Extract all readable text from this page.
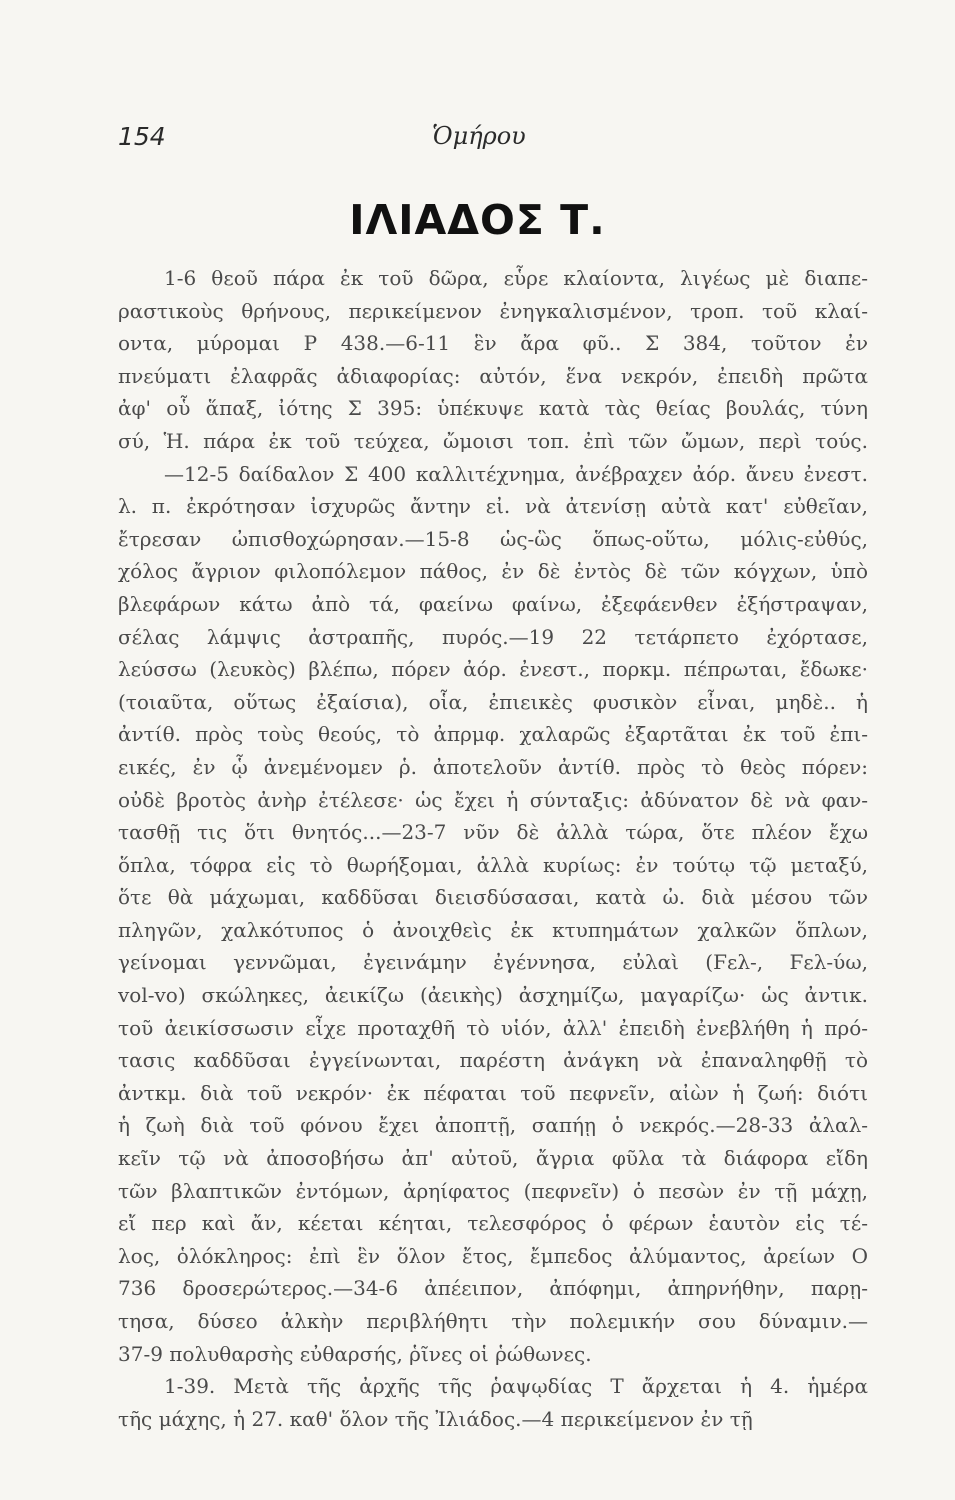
154	Ὁμήρου
ΙΛΙΑΔΟΣ Τ.
1-6 θεοῦ πάρα ἐκ τοῦ δῶρα, εὗρε κλαίοντα, λιγέως μὲ διαπε-
ραστικοὺς θρήνους, περικείμενον ἐνηγκαλισμένον, τροπ. τοῦ κλαί-
οντα, μύρομαι Ρ 438.—6-11 ἓν ἄρα φῦ.. Σ 384, τοῦτον ἐν
πνεύματι ἐλαφρᾶς ἀδιαφορίας: αὐτόν, ἕνα νεκρόν, ἐπειδὴ πρῶτα
ἀφ' οὗ ἅπαξ, ἰότης Σ 395: ὑπέκυψε κατὰ τὰς θείας βουλάς, τύνη
σύ, Ἡ. πάρα ἐκ τοῦ τεύχεα, ὤμοισι τοπ. ἐπὶ τῶν ὤμων, περὶ τούς.
—12-5 δαίδαλον Σ 400 καλλιτέχνημα, ἀνέβραχεν ἀόρ. ἄνευ ἐνεστ.
λ. π. ἐκρότησαν ἰσχυρῶς ἄντην εἰ. νὰ ἀτενίσῃ αὐτὰ κατ' εὐθεῖαν,
ἔτρεσαν ὠπισθοχώρησαν.—15-8 ὡς-ὣς ὅπως-οὕτω, μόλις-εὐθύς,
χόλος ἄγριον φιλοπόλεμον πάθος, ἐν δὲ ἐντὸς δὲ τῶν κόγχων, ὑπὸ
βλεφάρων κάτω ἀπὸ τά, φαείνω φαίνω, ἐξεφάενθεν ἐξήστραψαν,
σέλας λάμψις ἀστραπῆς, πυρός.—19 22 τετάρπετο ἐχόρτασε,
λεύσσω (λευκὸς) βλέπω, πόρεν ἀόρ. ἐνεστ., πορκμ. πέπρωται, ἔδωκε·
(τοιαῦτα, οὕτως ἐξαίσια), οἷα, ἐπιεικὲς φυσικὸν εἶναι, μηδὲ.. ἡ
ἀντίθ. πρὸς τοὺς θεούς, τὸ ἀπρμφ. χαλαρῶς ἐξαρτᾶται ἐκ τοῦ ἐπι-
εικές, ἐν ᾧ ἀνεμένομεν ῥ. ἀποτελοῦν ἀντίθ. πρὸς τὸ θεὸς πόρεν:
οὐδὲ βροτὸς ἀνὴρ ἐτέλεσε· ὡς ἔχει ἡ σύνταξις: ἀδύνατον δὲ νὰ φαν-
τασθῇ τις ὅτι θνητός...—23-7 νῦν δὲ ἀλλὰ τώρα, ὅτε πλέον ἔχω
ὅπλα, τόφρα εἰς τὸ θωρήξομαι, ἀλλὰ κυρίως: ἐν τούτῳ τῷ μεταξύ,
ὅτε θὰ μάχωμαι, καδδῦσαι διεισδύσασαι, κατὰ ὠ. διὰ μέσου τῶν
πληγῶν, χαλκότυπος ὁ ἀνοιχθεὶς ἐκ κτυπημάτων χαλκῶν ὅπλων,
γείνομαι γεννῶμαι, ἐγεινάμην ἐγέννησα, εὐλαὶ (Ϝελ-, Ϝελ-ύω,
vol-vo) σκώληκες, ἀεικίζω (ἀεικὴς) ἀσχημίζω, μαγαρίζω· ὡς ἀντικ.
τοῦ ἀεικίσσωσιν εἶχε προταχθῆ τὸ υἱόν, ἀλλ' ἐπειδὴ ἐνεβλήθη ἡ πρό-
τασις καδδῦσαι ἐγγείνωνται, παρέστη ἀνάγκη νὰ ἐπαναληφθῇ τὸ
ἀντκμ. διὰ τοῦ νεκρόν· ἐκ πέφαται τοῦ πεφνεῖν, αἰὼν ἡ ζωή: διότι
ἡ ζωὴ διὰ τοῦ φόνου ἔχει ἀποπτῇ, σαπήῃ ὁ νεκρός.—28-33 ἀλαλ-
κεῖν τῷ νὰ ἀποσοβήσω ἀπ' αὐτοῦ, ἄγρια φῦλα τὰ διάφορα εἴδη
τῶν βλαπτικῶν ἐντόμων, ἀρηίφατος (πεφνεῖν) ὁ πεσὼν ἐν τῇ μάχῃ,
εἴ περ καὶ ἄν, κέεται κέηται, τελεσφόρος ὁ φέρων ἑαυτὸν εἰς τέ-
λος, ὁλόκληρος: ἐπὶ ἓν ὅλον ἔτος, ἔμπεδος ἀλύμαντος, ἀρείων Ο
736 δροσερώτερος.—34-6 ἀπέειπον, ἀπόφημι, ἀπηρνήθην, παρῃ-
τησα, δύσεο ἀλκὴν περιβλήθητι τὴν πολεμικήν σου δύναμιν.—
37-9 πολυθαρσὴς εὐθαρσής, ῥῖνες οἱ ῥώθωνες.
1-39. Μετὰ τῆς ἀρχῆς τῆς ῥαψῳδίας Τ ἄρχεται ἡ 4. ἡμέρα
τῆς μάχης, ἡ 27. καθ' ὅλον τῆς Ἰλιάδος.—4 περικείμενον ἐν τῇ
